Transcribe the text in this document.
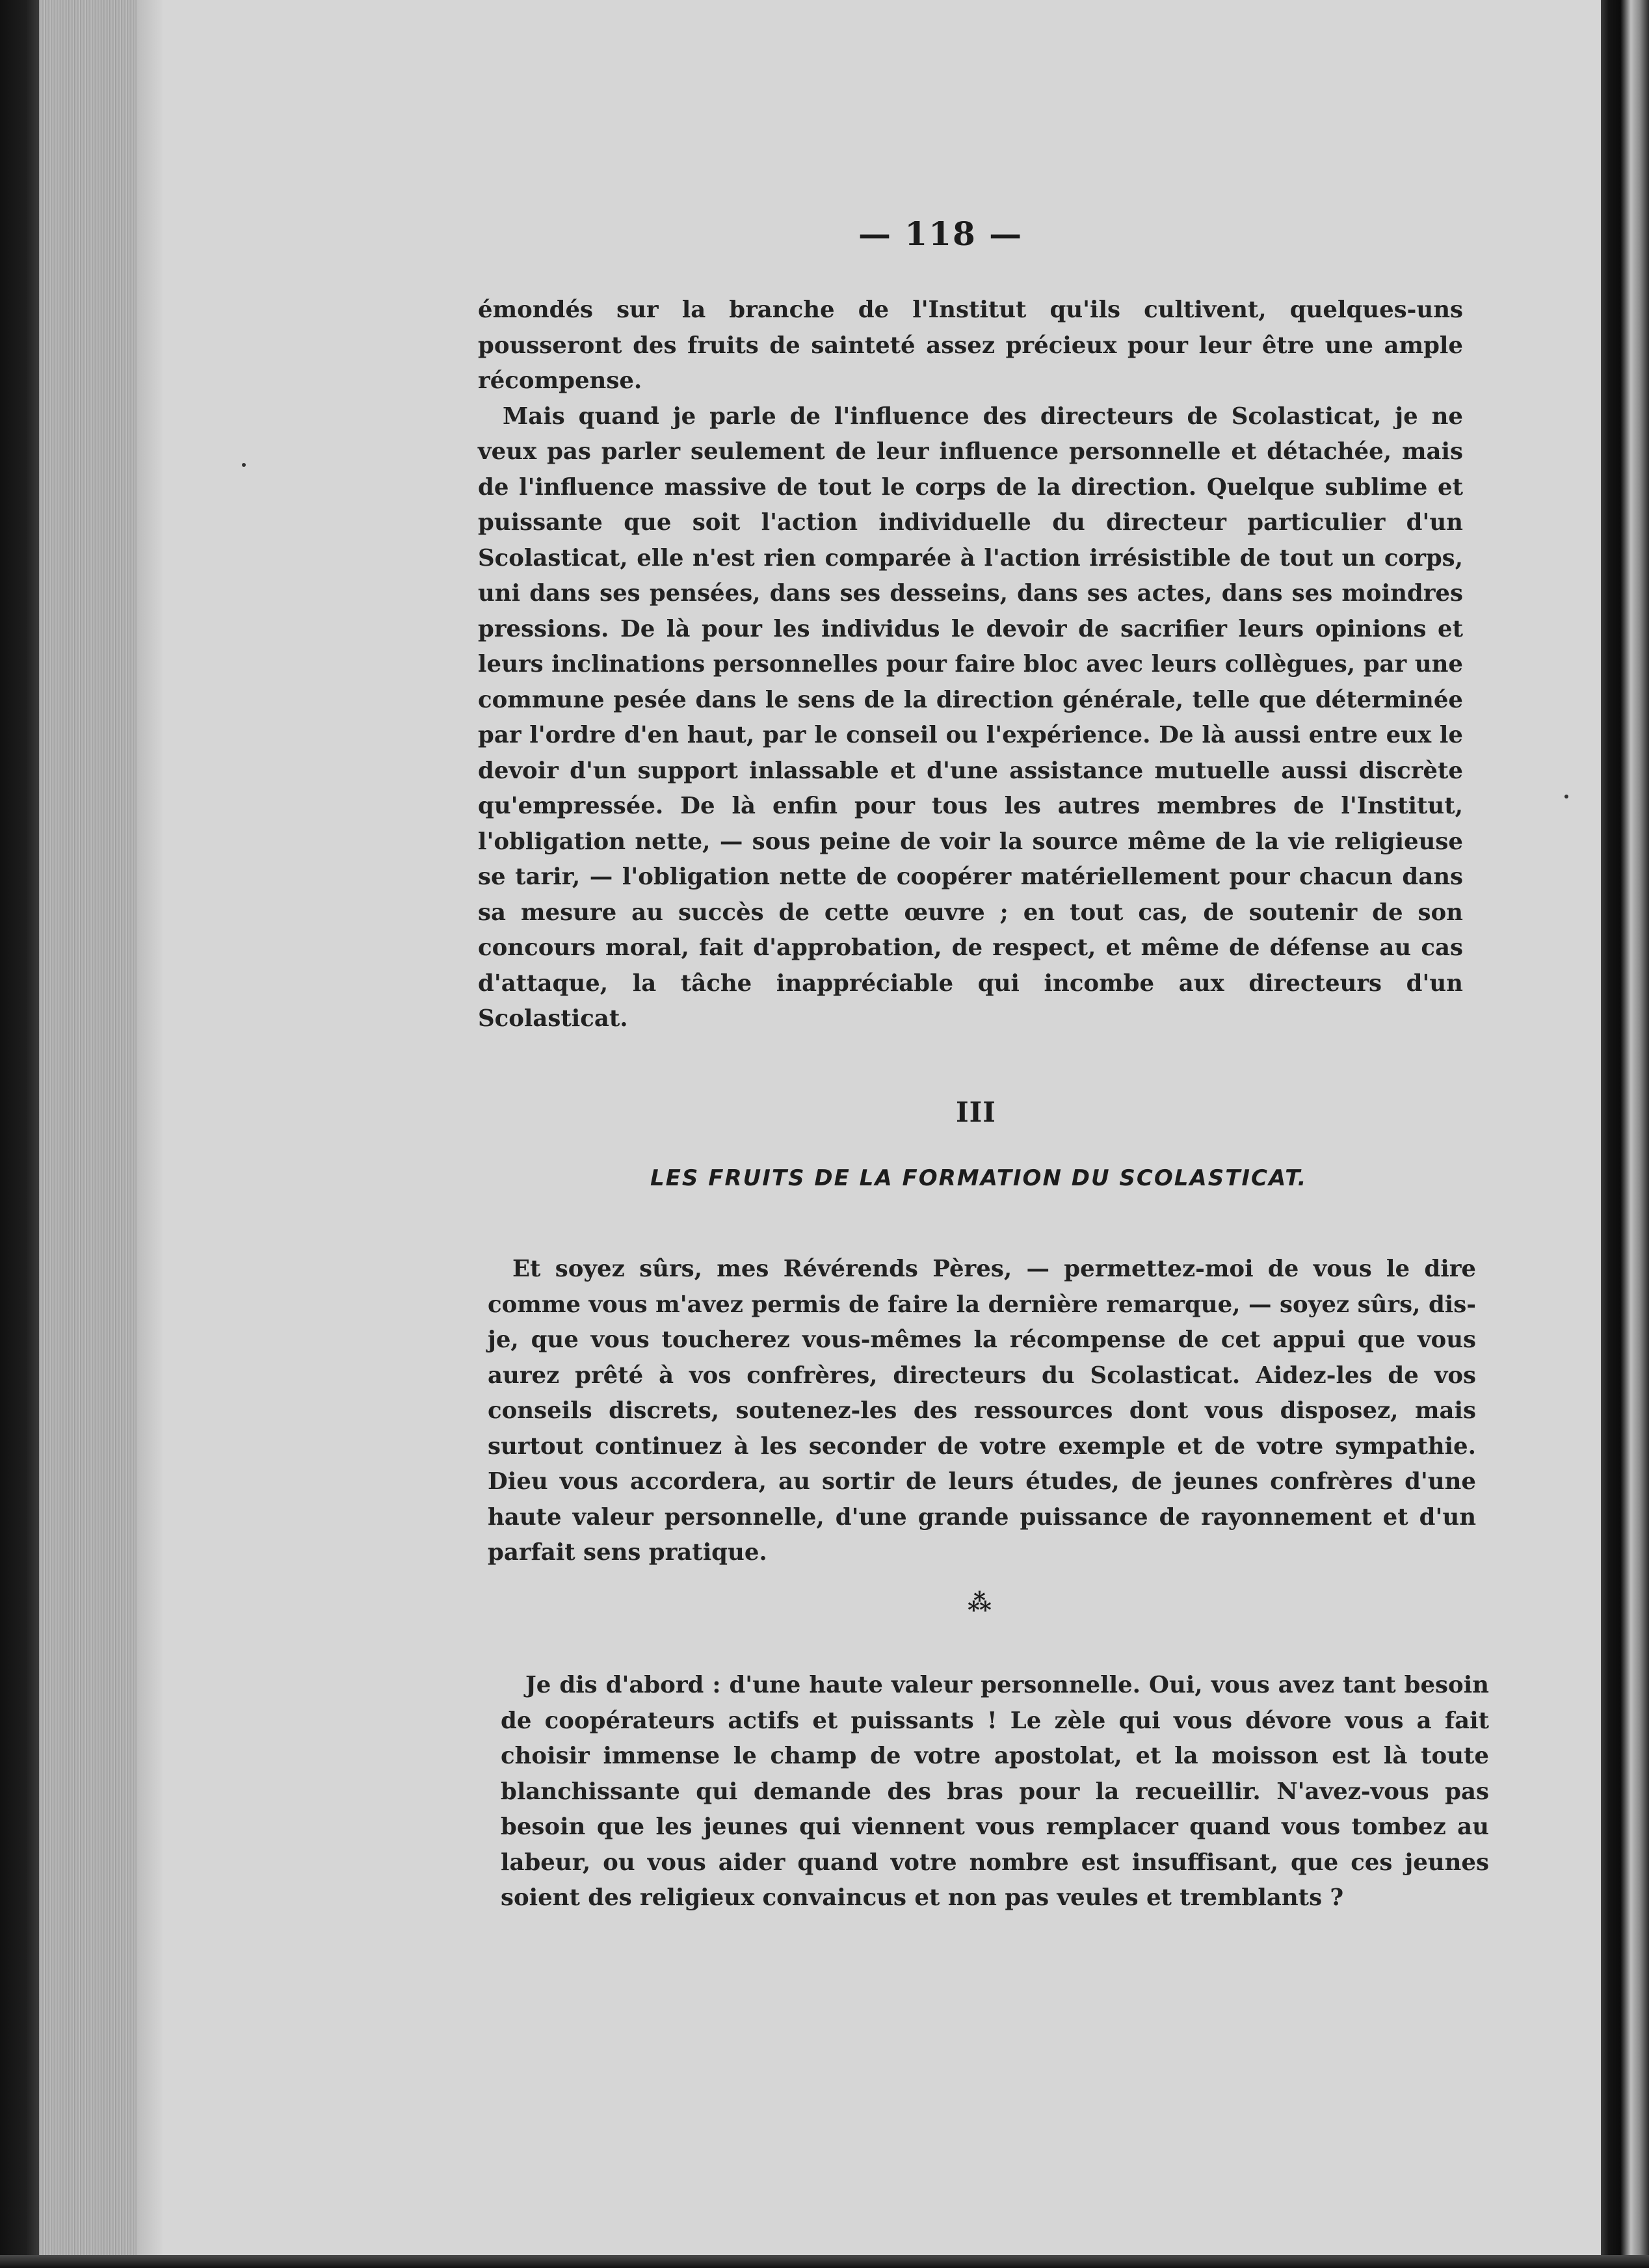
— 118 —

émondés sur la branche de l'Institut qu'ils cultivent, quelques-uns pousseront des fruits de sainteté assez précieux pour leur être une ample récompense.

Mais quand je parle de l'influence des directeurs de Scolasticat, je ne veux pas parler seulement de leur influence personnelle et détachée, mais de l'influence massive de tout le corps de la direction. Quelque sublime et puissante que soit l'action individuelle du directeur particulier d'un Scolasticat, elle n'est rien comparée à l'action irrésistible de tout un corps, uni dans ses pensées, dans ses desseins, dans ses actes, dans ses moindres pressions. De là pour les individus le devoir de sacrifier leurs opinions et leurs inclinations personnelles pour faire bloc avec leurs collègues, par une commune pesée dans le sens de la direction générale, telle que déterminée par l'ordre d'en haut, par le conseil ou l'expérience. De là aussi entre eux le devoir d'un support inlassable et d'une assistance mutuelle aussi discrète qu'empressée. De là enfin pour tous les autres membres de l'Institut, l'obligation nette, — sous peine de voir la source même de la vie religieuse se tarir, — l'obligation nette de coopérer matériellement pour chacun dans sa mesure au succès de cette œuvre ; en tout cas, de soutenir de son concours moral, fait d'approbation, de respect, et même de défense au cas d'attaque, la tâche inappréciable qui incombe aux directeurs d'un Scolasticat.

III
LES FRUITS DE LA FORMATION DU SCOLASTICAT.

Et soyez sûrs, mes Révérends Pères, — permettez-moi de vous le dire comme vous m'avez permis de faire la dernière remarque, — soyez sûrs, dis-je, que vous toucherez vous-mêmes la récompense de cet appui que vous aurez prêté à vos confrères, directeurs du Scolasticat. Aidez-les de vos conseils discrets, soutenez-les des ressources dont vous disposez, mais surtout continuez à les seconder de votre exemple et de votre sympathie. Dieu vous accordera, au sortir de leurs études, de jeunes confrères d'une haute valeur personnelle, d'une grande puissance de rayonnement et d'un parfait sens pratique.

⁂

Je dis d'abord : d'une haute valeur personnelle. Oui, vous avez tant besoin de coopérateurs actifs et puissants ! Le zèle qui vous dévore vous a fait choisir immense le champ de votre apostolat, et la moisson est là toute blanchissante qui demande des bras pour la recueillir. N'avez-vous pas besoin que les jeunes qui viennent vous remplacer quand vous tombez au labeur, ou vous aider quand votre nombre est insuffisant, que ces jeunes soient des religieux convaincus et non pas veules et tremblants ?
